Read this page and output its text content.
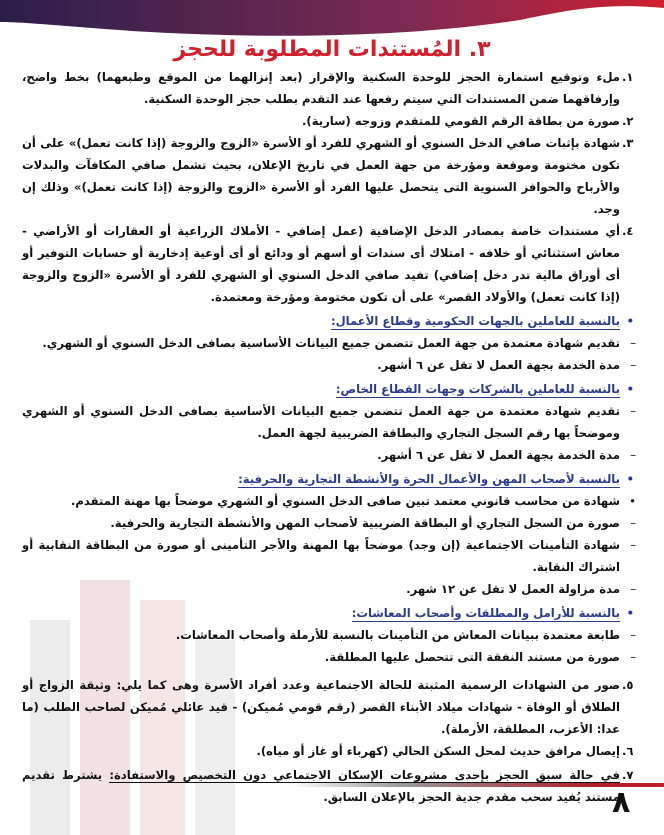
٣. المُستندات المطلوبة للحجز
١.
ملء وتوقيع استمارة الحجز للوحدة السكنية والإقرار (بعد إنزالهما من الموقع وطبعهما) بخط واضح، وإرفاقهما ضمن المستندات التي سيتم رفعها عند التقدم بطلب حجز الوحدة السكنية.
٢.
صورة من بطاقة الرقم القومي للمتقدم وزوجه (سارية).
٣.
شهادة بإثبات صافي الدخل السنوي أو الشهري للفرد أو الأسرة «الزوج والزوجة (إذا كانت تعمل)» على أن تكون مختومة وموقعة ومؤرخة من جهة العمل في تاريخ الإعلان، بحيث تشمل صافي المكافآت والبدلات والأرباح والحوافز السنوية التى يتحصل عليها الفرد أو الأسرة «الزوج والزوجة (إذا كانت تعمل)» وذلك إن وجد.
٤.
أي مستندات خاصة بمصادر الدخل الإضافية (عمل إضافي - الأملاك الزراعية أو العقارات أو الأراضي - معاش استثنائي أو خلافه - امتلاك أى سندات أو أسهم أو ودائع أو أى أوعية إدخارية أو حسابات التوفير أو أى أوراق مالية تدر دخل إضافي) تفيد صافي الدخل السنوي أو الشهري للفرد أو الأسرة «الزوج والزوجة (إذا كانت تعمل) والأولاد القصر» على أن تكون مختومة ومؤرخة ومعتمدة.
•
بالنسبة للعاملين بالجهات الحكومية وقطاع الأعمال:
–
تقديم شهادة معتمدة من جهة العمل تتضمن جميع البيانات الأساسية بصافى الدخل السنوي أو الشهري.
–
مدة الخدمة بجهة العمل لا تقل عن ٦ أشهر.
•
بالنسبة للعاملين بالشركات وجهات القطاع الخاص:
–
تقديم شهادة معتمدة من جهة العمل تتضمن جميع البيانات الأساسية بصافى الدخل السنوي أو الشهري وموضحاً بها رقم السجل التجاري والبطاقة الضريبية لجهة العمل.
–
مدة الخدمة بجهة العمل لا تقل عن ٦ أشهر.
•
بالنسبة لأصحاب المهن والأعمال الحرة والأنشطة التجارية والحرفية:
•
شهادة من محاسب قانوني معتمد تبين صافى الدخل السنوي أو الشهري موضحاً بها مهنة المتقدم.
–
صورة من السجل التجاري أو البطاقة الضريبية لأصحاب المهن والأنشطة التجارية والحرفية.
–
شهادة التأمينات الاجتماعية (إن وجد) موضحاً بها المهنة والأجر التأمينى أو صورة من البطاقة النقابية أو اشتراك النقابة.
–
مدة مزاولة العمل لا تقل عن ١٢ شهر.
•
بالنسبة للأرامل والمطلقات وأصحاب المعاشات:
–
طابعة معتمدة ببيانات المعاش من التأمينات بالنسبة للأرملة وأصحاب المعاشات.
–
صورة من مستند النفقة التى تتحصل عليها المطلقة.
٥.
صور من الشهادات الرسمية المثبتة للحالة الاجتماعية وعدد أفراد الأسرة وهى كما يلي: وثيقة الزواج أو الطلاق أو الوفاة - شهادات ميلاد الأبناء القصر (رقم قومي مُميكن) - قيد عائلي مُميكن لصاحب الطلب (ما عدا: الأعزب، المطلقة، الأرملة).
٦.
إيصال مرافق حديث لمحل السكن الحالي (كهرباء أو غاز أو مياه).
٧.
في حالة سبق الحجز بإحدى مشروعات الإسكان الاجتماعي دون التخصيص والاستفادة: يشترط تقديم مستند يُفيد سحب مقدم جدية الحجز بالإعلان السابق.
٨
